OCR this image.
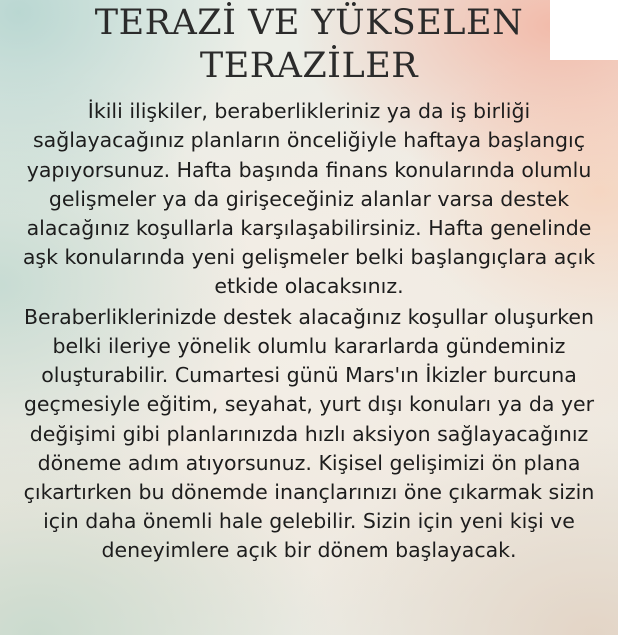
TERAZİ VE YÜKSELEN
TERAZİLER

İkili ilişkiler, beraberlikleriniz ya da iş birliği sağlayacağınız planların önceliğiyle haftaya başlangıç yapıyorsunuz. Hafta başında finans konularında olumlu gelişmeler ya da girişeceğiniz alanlar varsa destek alacağınız koşullarla karşılaşabilirsiniz. Hafta genelinde aşk konularında yeni gelişmeler belki başlangıçlara açık etkide olacaksınız.

Beraberliklerinizde destek alacağınız koşullar oluşurken belki ileriye yönelik olumlu kararlarda gündeminiz oluşturabilir. Cumartesi günü Mars'ın İkizler burcuna geçmesiyle eğitim, seyahat, yurt dışı konuları ya da yer değişimi gibi planlarınızda hızlı aksiyon sağlayacağınız döneme adım atıyorsunuz. Kişisel gelişimizi ön plana çıkartırken bu dönemde inançlarınızı öne çıkarmak sizin için daha önemli hale gelebilir. Sizin için yeni kişi ve deneyimlere açık bir dönem başlayacak.
